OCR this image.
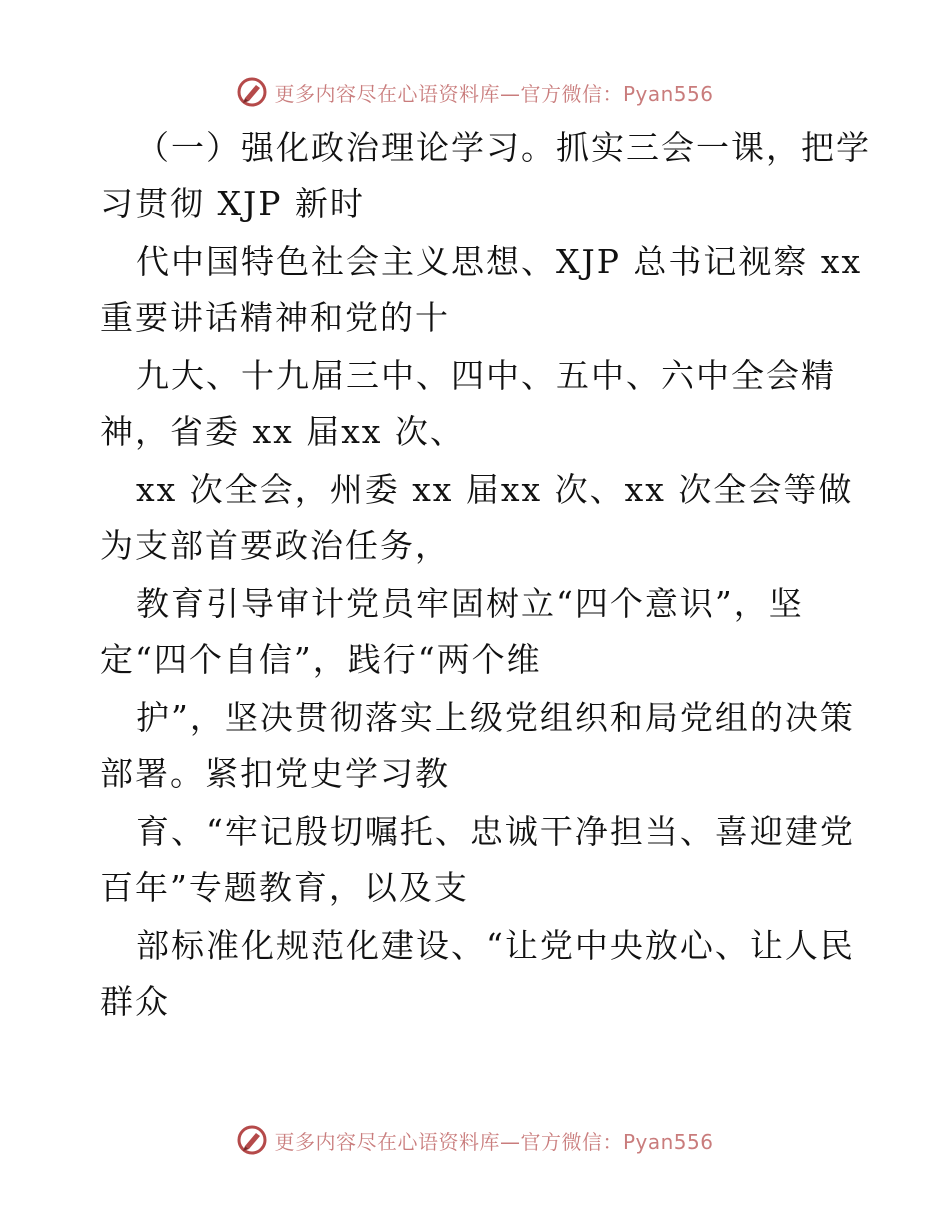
更多内容尽在心语资料库—官方微信：Pyan556
（一）强化政治理论学习。抓实三会一课，把学
习贯彻 XJP 新时
代中国特色社会主义思想、XJP 总书记视察 xx
重要讲话精神和党的十
九大、十九届三中、四中、五中、六中全会精
神，省委 xx 届xx 次、
xx 次全会，州委 xx 届xx 次、xx 次全会等做
为支部首要政治任务，
教育引导审计党员牢固树立“四个意识”，坚
定“四个自信”，践行“两个维
护”，坚决贯彻落实上级党组织和局党组的决策
部署。紧扣党史学习教
育、“牢记殷切嘱托、忠诚干净担当、喜迎建党
百年”专题教育，以及支
部标准化规范化建设、“让党中央放心、让人民
群众
更多内容尽在心语资料库—官方微信：Pyan556
